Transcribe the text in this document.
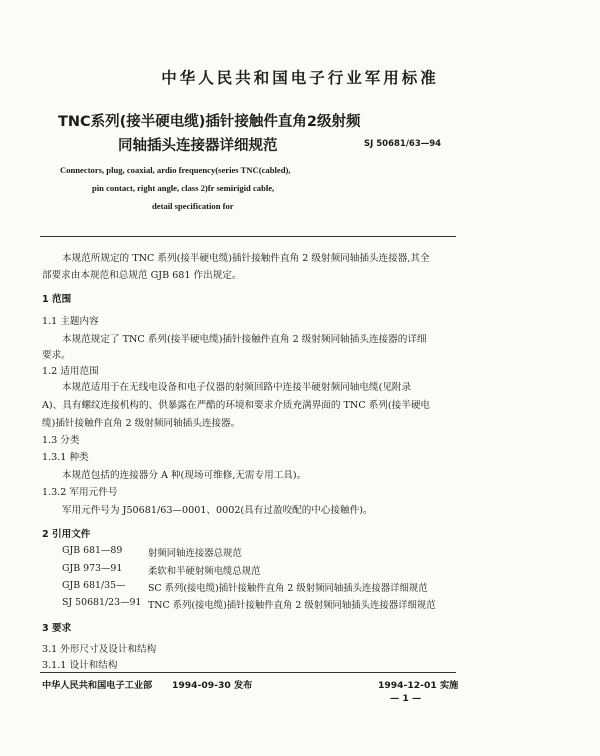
中华人民共和国电子行业军用标准
TNC系列(接半硬电缆)插针接触件直角2级射频
同轴插头连接器详细规范	SJ 50681/63—94
Connectors, plug, coaxial, ardio frequency(series TNC(cabled),
pin contact, right angle, class 2)fr semirigid cable,
detail specification for
本规范所规定的 TNC 系列(接半硬电缆)插针接触件直角 2 级射频同轴插头连接器,其全
部要求由本规范和总规范 GJB 681 作出规定。
1 范围
1.1 主题内容
本规范规定了 TNC 系列(接半硬电缆)插针接触件直角 2 级射频同轴插头连接器的详细
要求。
1.2 适用范围
本规范适用于在无线电设备和电子仪器的射频回路中连接半硬射频同轴电缆(见附录
A)、具有螺纹连接机构的、供暴露在严酷的环境和要求介质充满界面的 TNC 系列(接半硬电
缆)插针接触件直角 2 级射频同轴插头连接器。
1.3 分类
1.3.1 种类
本规范包括的连接器分 A 种(现场可维修,无需专用工具)。
1.3.2 军用元件号
军用元件号为 J50681/63—0001、0002(具有过盈咬配的中心接触件)。
2 引用文件
GJB 681—89	射频同轴连接器总规范
GJB 973—91	柔软和半硬射频电缆总规范
GJB 681/35— SC 系列(接电缆)插针接触件直角 2 级射频同轴插头连接器详细规范
SJ 50681/23—91 TNC 系列(接电缆)插针接触件直角 2 级射频同轴插头连接器详细规范
3 要求
3.1 外形尺寸及设计和结构
3.1.1 设计和结构
中华人民共和国电子工业部 1994-09-30 发布	1994-12-01 实施
— 1 —
